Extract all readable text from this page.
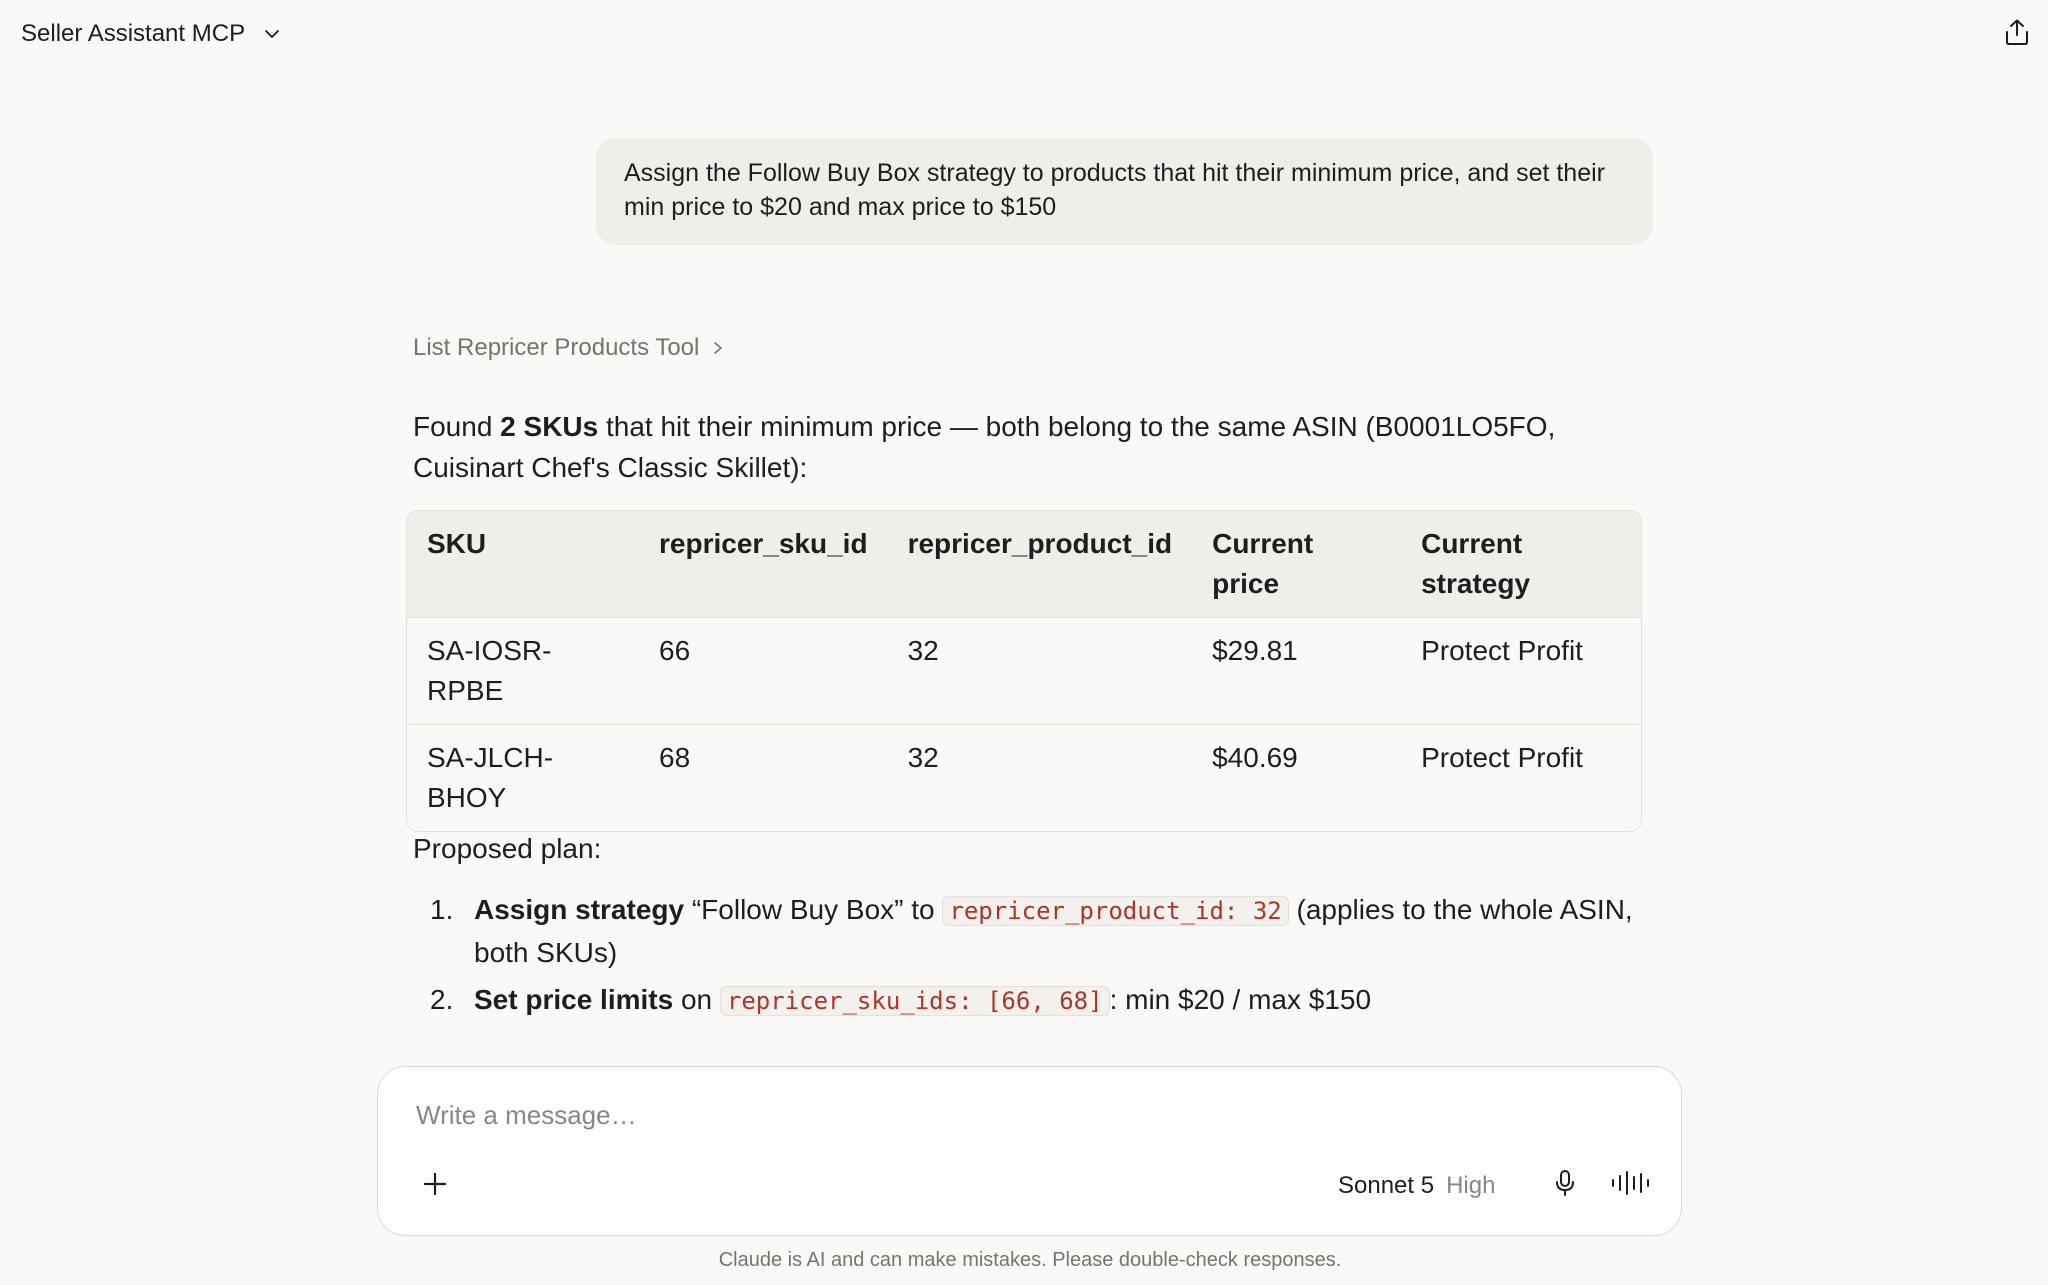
Seller Assistant MCP
Assign the Follow Buy Box strategy to products that hit their minimum price, and set their min price to $20 and max price to $150
List Repricer Products Tool

Found 2 SKUs that hit their minimum price — both belong to the same ASIN (B0001LO5FO, Cuisinart Chef's Classic Skillet):

SKU	repricer_sku_id	repricer_product_id	Current price	Current strategy
SA-IOSR-RPBE	66	32	$29.81	Protect Profit
SA-JLCH-BHOY	68	32	$40.69	Protect Profit
Proposed plan:
1. Assign strategy “Follow Buy Box” to repricer_product_id: 32 (applies to the whole ASIN, both SKUs)
2. Set price limits on repricer_sku_ids: [66, 68] : min $20 / max $150
Write a message…
Sonnet 5 High
Claude is AI and can make mistakes. Please double-check responses.
